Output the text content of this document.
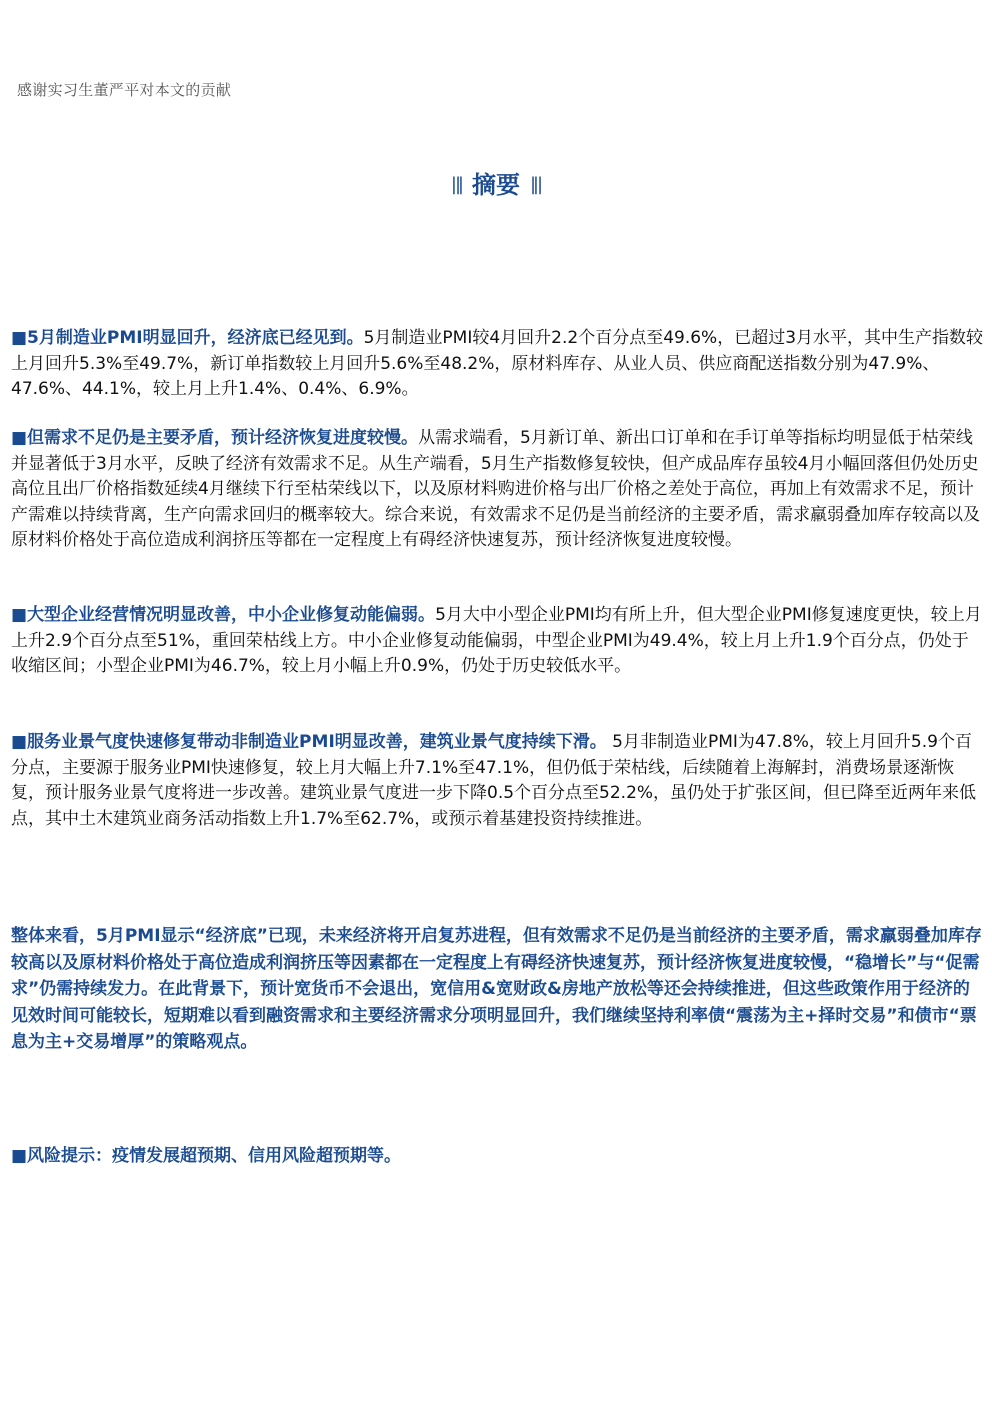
感谢实习生董严平对本文的贡献
|‖ 摘要 ‖|

■5月制造业PMI明显回升，经济底已经见到。5月制造业PMI较4月回升2.2个百分点至49.6%，已超过3月水平，其中生产指数较上月回升5.3%至49.7%，新订单指数较上月回升5.6%至48.2%，原材料库存、从业人员、供应商配送指数分别为47.9%、47.6%、44.1%，较上月上升1.4%、0.4%、6.9%。

■但需求不足仍是主要矛盾，预计经济恢复进度较慢。从需求端看，5月新订单、新出口订单和在手订单等指标均明显低于枯荣线并显著低于3月水平，反映了经济有效需求不足。从生产端看，5月生产指数修复较快，但产成品库存虽较4月小幅回落但仍处历史高位且出厂价格指数延续4月继续下行至枯荣线以下，以及原材料购进价格与出厂价格之差处于高位，再加上有效需求不足，预计产需难以持续背离，生产向需求回归的概率较大。综合来说，有效需求不足仍是当前经济的主要矛盾，需求羸弱叠加库存较高以及原材料价格处于高位造成利润挤压等都在一定程度上有碍经济快速复苏，预计经济恢复进度较慢。

■大型企业经营情况明显改善，中小企业修复动能偏弱。5月大中小型企业PMI均有所上升，但大型企业PMI修复速度更快，较上月上升2.9个百分点至51%，重回荣枯线上方。中小企业修复动能偏弱，中型企业PMI为49.4%，较上月上升1.9个百分点，仍处于收缩区间；小型企业PMI为46.7%，较上月小幅上升0.9%，仍处于历史较低水平。

■服务业景气度快速修复带动非制造业PMI明显改善，建筑业景气度持续下滑。 5月非制造业PMI为47.8%，较上月回升5.9个百分点，主要源于服务业PMI快速修复，较上月大幅上升7.1%至47.1%，但仍低于荣枯线，后续随着上海解封，消费场景逐渐恢复，预计服务业景气度将进一步改善。建筑业景气度进一步下降0.5个百分点至52.2%，虽仍处于扩张区间，但已降至近两年来低点，其中土木建筑业商务活动指数上升1.7%至62.7%，或预示着基建投资持续推进。

整体来看，5月PMI显示“经济底”已现，未来经济将开启复苏进程，但有效需求不足仍是当前经济的主要矛盾，需求羸弱叠加库存较高以及原材料价格处于高位造成利润挤压等因素都在一定程度上有碍经济快速复苏，预计经济恢复进度较慢，“稳增长”与“促需求”仍需持续发力。在此背景下，预计宽货币不会退出，宽信用&宽财政&房地产放松等还会持续推进，但这些政策作用于经济的见效时间可能较长，短期难以看到融资需求和主要经济需求分项明显回升，我们继续坚持利率债“震荡为主+择时交易”和债市“票息为主+交易增厚”的策略观点。

■风险提示：疫情发展超预期、信用风险超预期等。
